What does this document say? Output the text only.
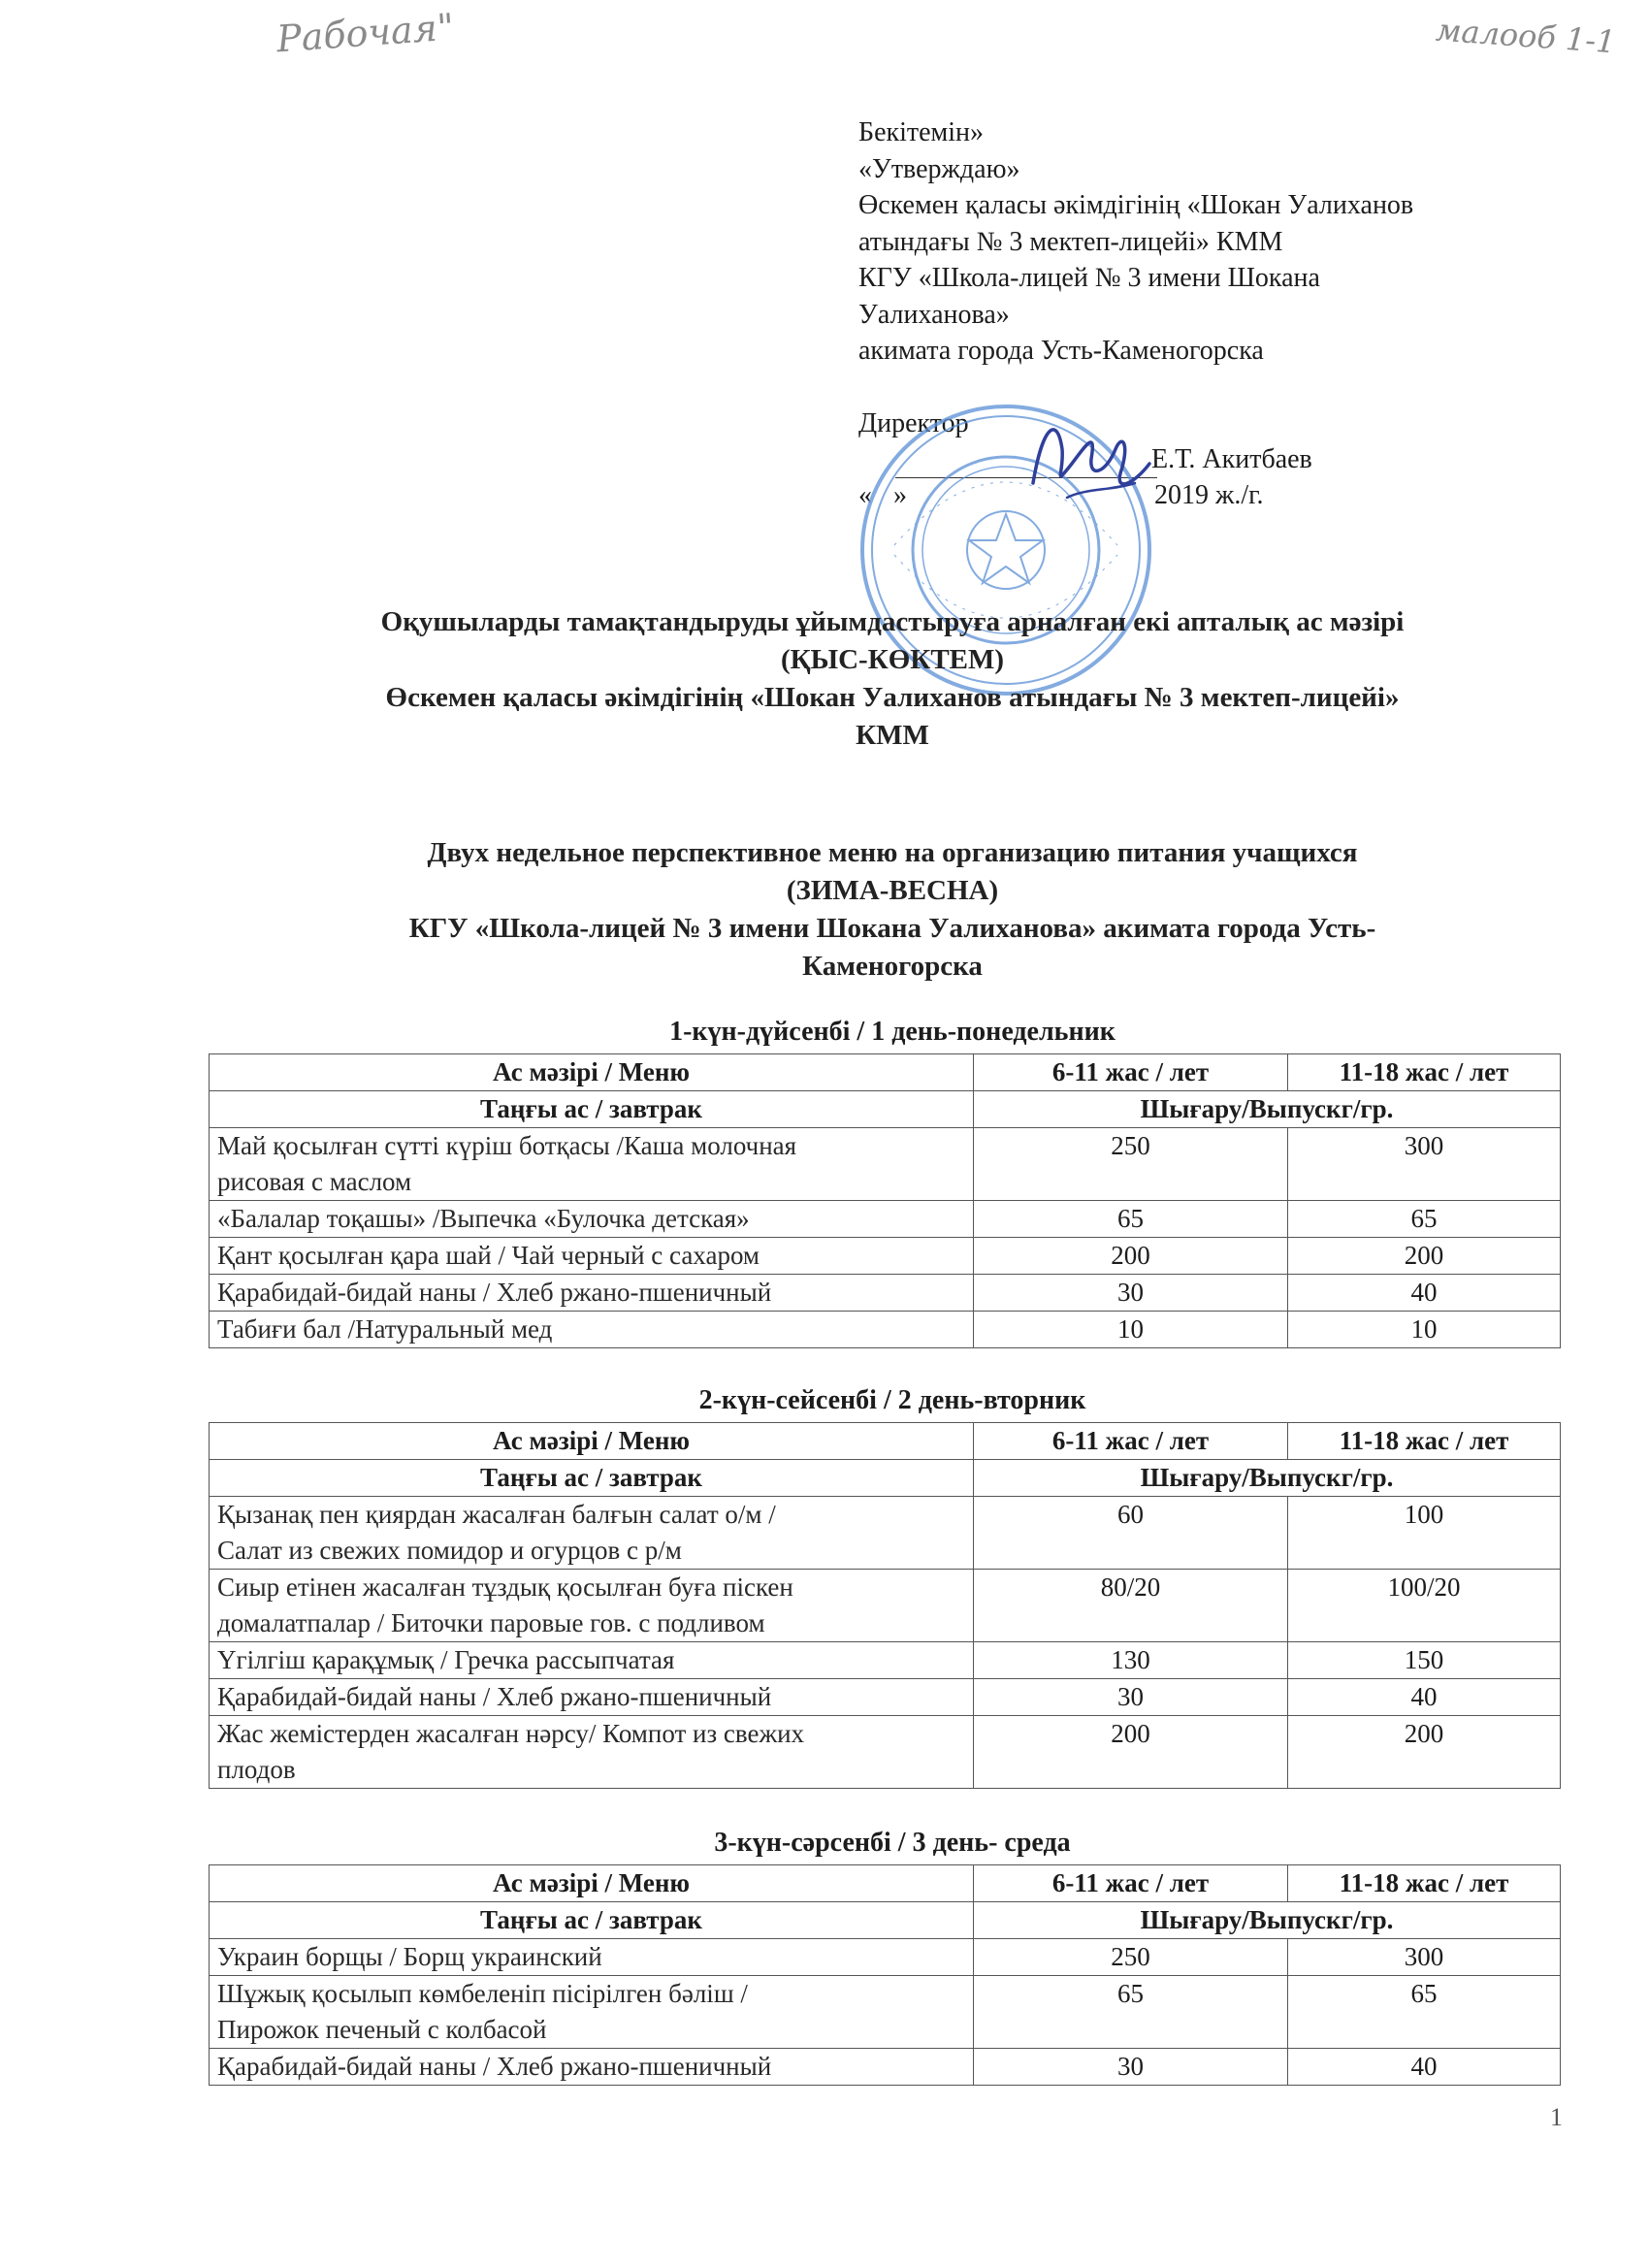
Рабочая"	малооб 1-1
Бекітемін»
«Утверждаю»
Өскемен қаласы әкімдігінің «Шокан Уалиханов
атындағы № 3 мектеп-лицейі» КММ
КГУ «Школа-лицей № 3 имени Шокана
Уалиханова»
акимата города Усть-Каменогорска
Директор
Е.Т. Акитбаев
« »	2019 ж./г.
Оқушыларды тамақтандыруды ұйымдастыруға арналған екі апталық ас мәзірі
(ҚЫС-КӨКТЕМ)
Өскемен қаласы әкімдігінің «Шокан Уалиханов атындағы № 3 мектеп-лицейі»
КММ
Двух недельное перспективное меню на организацию питания учащихся
(ЗИМА-ВЕСНА)
КГУ «Школа-лицей № 3 имени Шокана Уалиханова» акимата города Усть-
Каменогорска
1-күн-дүйсенбі / 1 день-понедельник
Ас мәзірі / Меню	6-11 жас / лет	11-18 жас / лет
Таңғы ас / завтрак	Шығару/Выпускг/гр.	

Май қосылған сүтті күріш ботқасы /Каша молочная
рисовая с маслом	250	300
«Балалар тоқашы» /Выпечка «Булочка детская»	65	65
Қант қосылған қара шай / Чай черный с сахаром	200	200
Қарабидай-бидай наны / Хлеб ржано-пшеничный	30	40
Табиғи бал /Натуральный мед	10	10
2-күн-сейсенбі / 2 день-вторник
Ас мәзірі / Меню	6-11 жас / лет	11-18 жас / лет
Таңғы ас / завтрак	Шығару/Выпускг/гр.	

Қызанақ пен қиярдан жасалған балғын салат о/м /
Салат из свежих помидор и огурцов с р/м	60	100

Сиыр етінен жасалған тұздық қосылған буға піскен
домалатпалар / Биточки паровые гов. с подливом	80/20	100/20
Үгілгіш қарақұмық / Гречка рассыпчатая	130	150
Қарабидай-бидай наны / Хлеб ржано-пшеничный	30	40

Жас жемістерден жасалған нәрсу/ Компот из свежих
плодов	200	200
3-күн-сәрсенбі / 3 день- среда
Ас мәзірі / Меню	6-11 жас / лет	11-18 жас / лет
Таңғы ас / завтрак	Шығару/Выпускг/гр.	
Украин борщы / Борщ украинский	250	300

Шұжық қосылып көмбеленіп пісірілген бәліш /
Пирожок печеный с колбасой	65	65
Қарабидай-бидай наны / Хлеб ржано-пшеничный	30	40
1
